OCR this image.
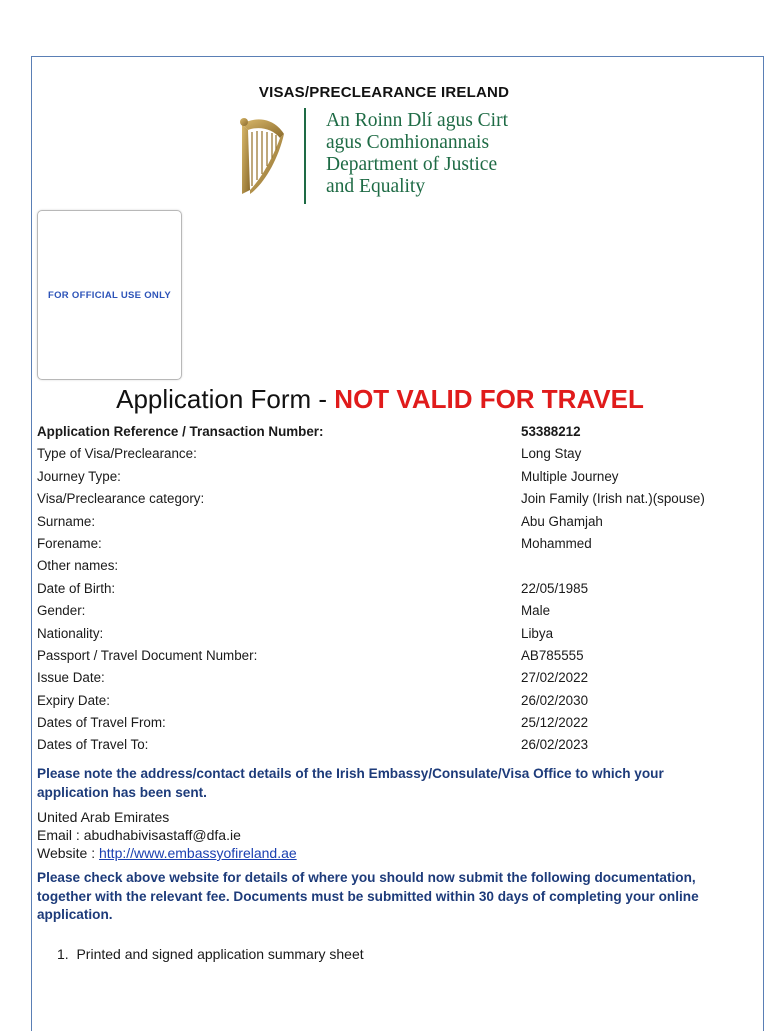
VISAS/PRECLEARANCE IRELAND
An Roinn Dlí agus Cirt
agus Comhionannais
Department of Justice
and Equality
FOR OFFICIAL USE ONLY
Application Form - NOT VALID FOR TRAVEL
Application Reference / Transaction Number:	53388212
Type of Visa/Preclearance:	Long Stay
Journey Type:	Multiple Journey
Visa/Preclearance category:	Join Family (Irish nat.)(spouse)
Surname:	Abu Ghamjah
Forename:	Mohammed
Other names:
Date of Birth:	22/05/1985
Gender:	Male
Nationality:	Libya
Passport / Travel Document Number:	AB785555
Issue Date:	27/02/2022
Expiry Date:	26/02/2030
Dates of Travel From:	25/12/2022
Dates of Travel To:	26/02/2023
Please note the address/contact details of the Irish Embassy/Consulate/Visa Office to which your application has been sent.
United Arab Emirates
Email : abudhabivisastaff@dfa.ie
Website : http://www.embassyofireland.ae
Please check above website for details of where you should now submit the following documentation, together with the relevant fee. Documents must be submitted within 30 days of completing your online application.
1.  Printed and signed application summary sheet
